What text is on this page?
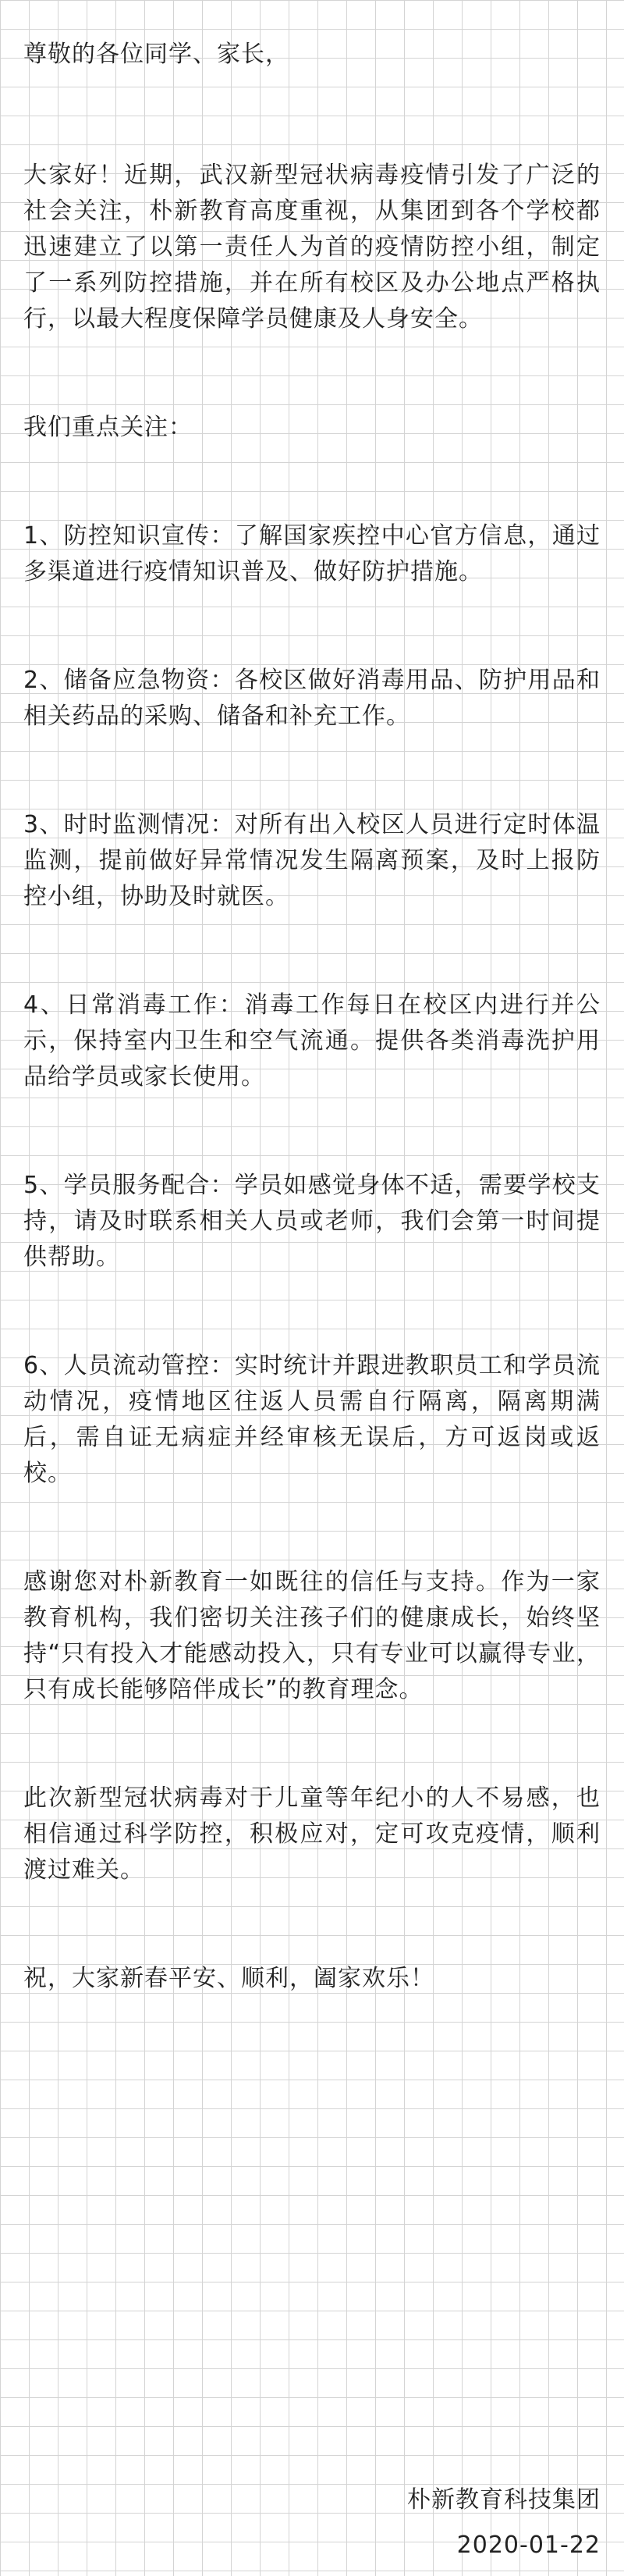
尊敬的各位同学、家长，
大家好！近期，武汉新型冠状病毒疫情引发了广泛的社会关注，朴新教育高度重视，从集团到各个学校都迅速建立了以第一责任人为首的疫情防控小组，制定了一系列防控措施，并在所有校区及办公地点严格执行，以最大程度保障学员健康及人身安全。
我们重点关注：
1、防控知识宣传：了解国家疾控中心官方信息，通过多渠道进行疫情知识普及、做好防护措施。
2、储备应急物资：各校区做好消毒用品、防护用品和相关药品的采购、储备和补充工作。
3、时时监测情况：对所有出入校区人员进行定时体温监测，提前做好异常情况发生隔离预案，及时上报防控小组，协助及时就医。
4、日常消毒工作：消毒工作每日在校区内进行并公示，保持室内卫生和空气流通。提供各类消毒洗护用品给学员或家长使用。
5、学员服务配合：学员如感觉身体不适，需要学校支持，请及时联系相关人员或老师，我们会第一时间提供帮助。
6、人员流动管控：实时统计并跟进教职员工和学员流动情况，疫情地区往返人员需自行隔离，隔离期满后，需自证无病症并经审核无误后，方可返岗或返校。
感谢您对朴新教育一如既往的信任与支持。作为一家教育机构，我们密切关注孩子们的健康成长，始终坚持“只有投入才能感动投入，只有专业可以赢得专业，只有成长能够陪伴成长”的教育理念。
此次新型冠状病毒对于儿童等年纪小的人不易感，也相信通过科学防控，积极应对，定可攻克疫情，顺利渡过难关。
祝，大家新春平安、顺利，阖家欢乐！
朴新教育科技集团
2020-01-22
